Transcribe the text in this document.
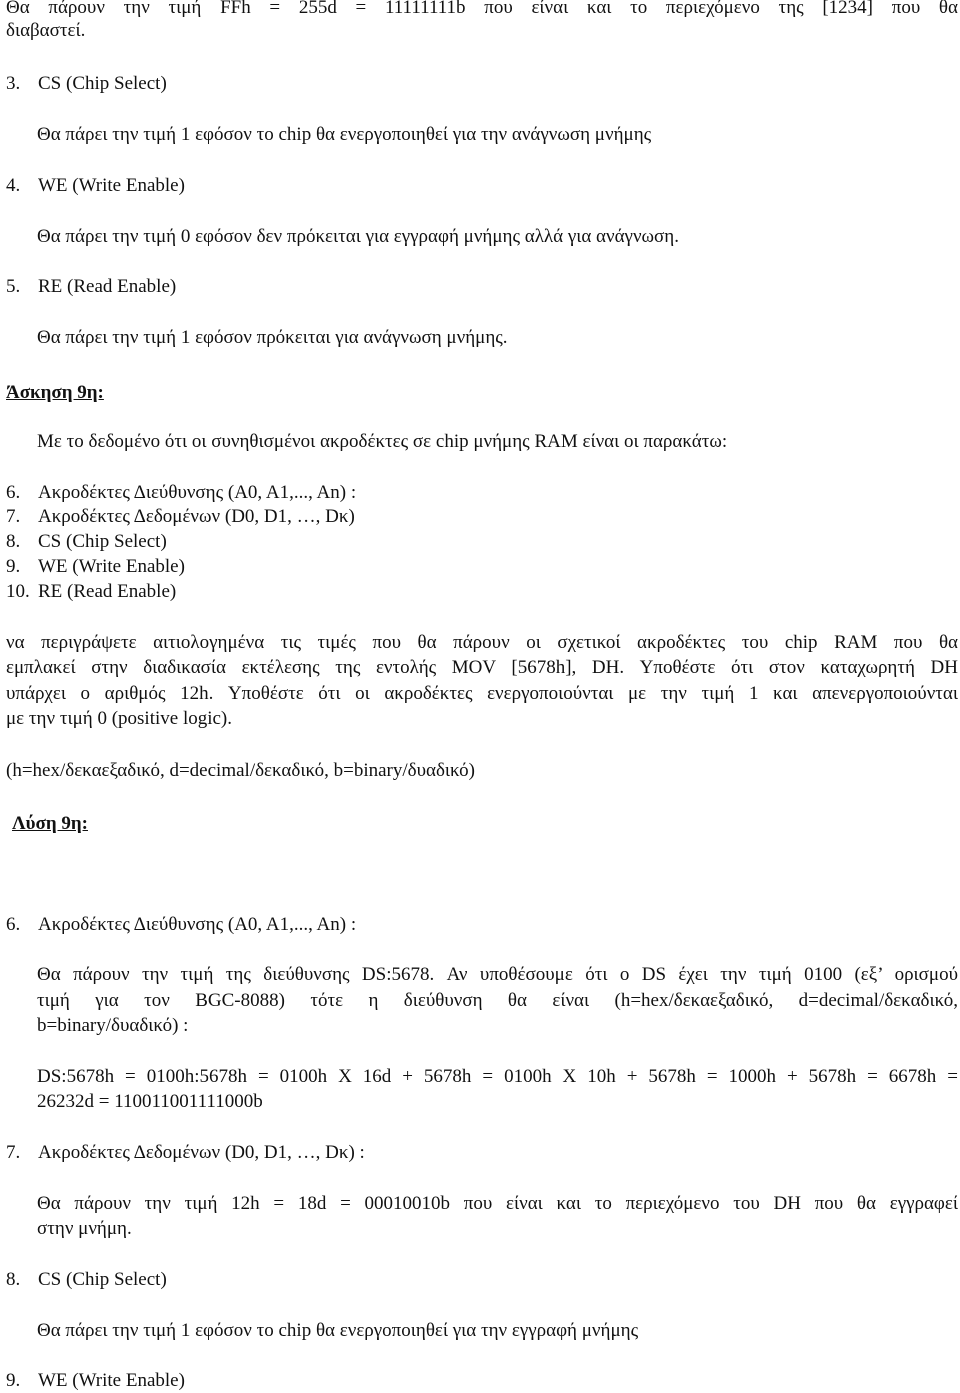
Θα πάρουν την τιμή FFh = 255d = 11111111b που είναι και το περιεχόμενο της [1234] που θα
διαβαστεί.
3. CS (Chip Select)
Θα πάρει την τιμή 1 εφόσον το chip θα ενεργοποιηθεί για την ανάγνωση μνήμης
4. WE (Write Enable)
Θα πάρει την τιμή 0 εφόσον δεν πρόκειται για εγγραφή μνήμης αλλά για ανάγνωση.
5. RE (Read Enable)
Θα πάρει την τιμή 1 εφόσον πρόκειται για ανάγνωση μνήμης.
Άσκηση 9η:
Με το δεδομένο ότι οι συνηθισμένοι ακροδέκτες σε chip μνήμης RAM είναι οι παρακάτω:
6. Ακροδέκτες Διεύθυνσης (A0, A1,..., An) :
7. Ακροδέκτες Δεδομένων (D0, D1, …, Dκ)
8. CS (Chip Select)
9. WE (Write Enable)
10. RE (Read Enable)
να περιγράψετε αιτιολογημένα τις τιμές που θα πάρουν οι σχετικοί ακροδέκτες του chip RAM που θα
εμπλακεί στην διαδικασία εκτέλεσης της εντολής MOV [5678h], DH. Υποθέστε ότι στον καταχωρητή DH
υπάρχει ο αριθμός 12h. Υποθέστε ότι οι ακροδέκτες ενεργοποιούνται με την τιμή 1 και απενεργοποιούνται
με την τιμή 0 (positive logic).
(h=hex/δεκαεξαδικό, d=decimal/δεκαδικό, b=binary/δυαδικό)
Λύση 9η:
6. Ακροδέκτες Διεύθυνσης (A0, A1,..., An) :
Θα πάρουν την τιμή της διεύθυνσης DS:5678. Αν υποθέσουμε ότι ο DS έχει την τιμή 0100 (εξ’ ορισμού
τιμή για τον BGC-8088) τότε η διεύθυνση θα είναι (h=hex/δεκαεξαδικό, d=decimal/δεκαδικό,
b=binary/δυαδικό) :
DS:5678h = 0100h:5678h = 0100h X 16d + 5678h = 0100h X 10h + 5678h = 1000h + 5678h = 6678h =
26232d = 110011001111000b
7. Ακροδέκτες Δεδομένων (D0, D1, …, Dκ) :
Θα πάρουν την τιμή 12h = 18d = 00010010b που είναι και το περιεχόμενο του DH που θα εγγραφεί
στην μνήμη.
8. CS (Chip Select)
Θα πάρει την τιμή 1 εφόσον το chip θα ενεργοποιηθεί για την εγγραφή μνήμης
9. WE (Write Enable)
